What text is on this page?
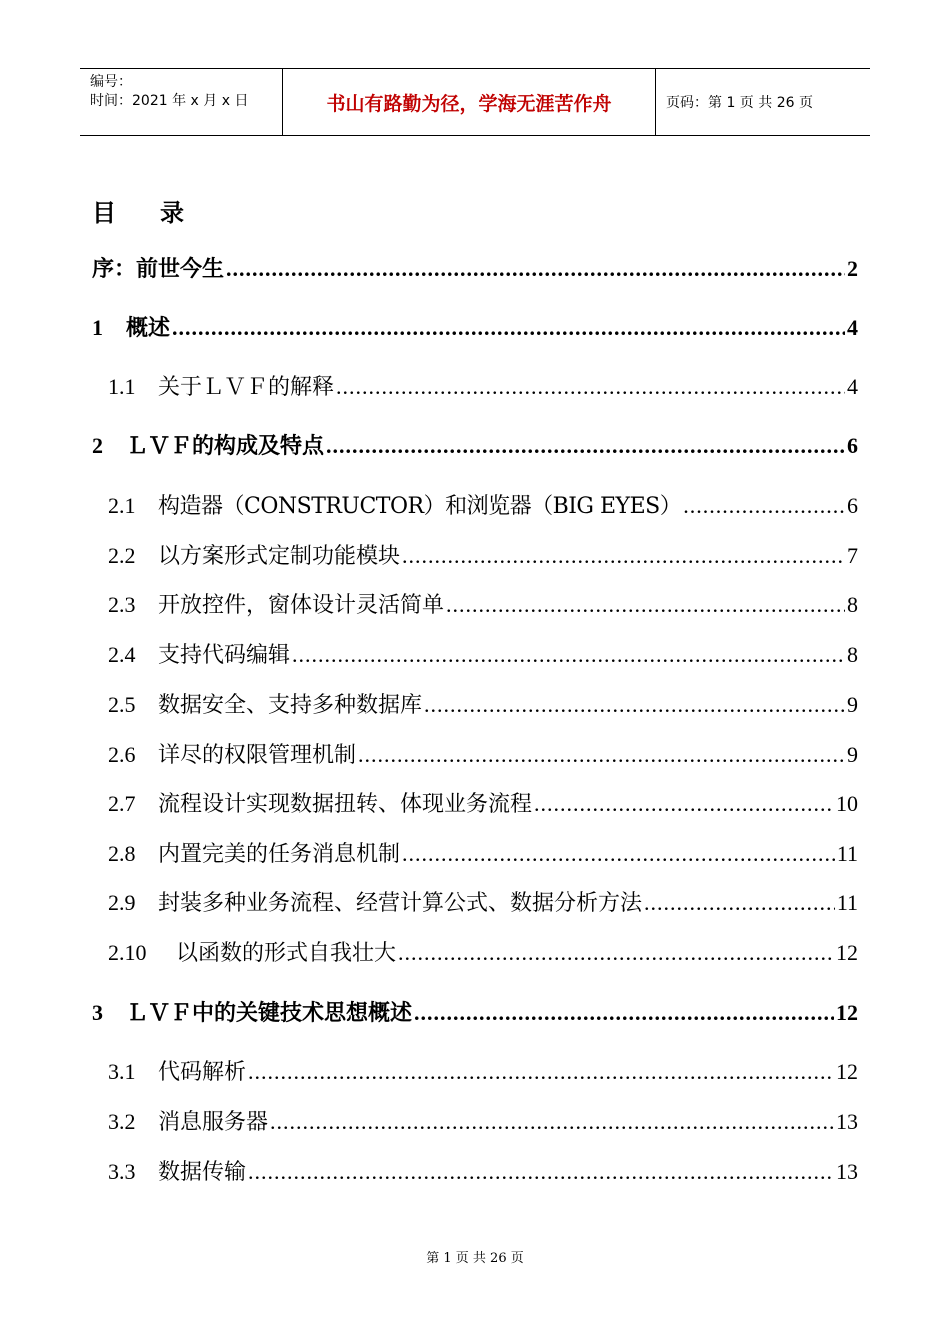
编号：
时间：2021 年 x 月 x 日	书山有路勤为径，学海无涯苦作舟	页码：第 1 页 共 26 页
目 录
序：前世今生 .....	2
1	概述 .....	4
1.1	关于ＬＶＦ的解释 .....	4
2	ＬＶＦ的构成及特点 .....	6
2.1	构造器（CONSTRUCTOR）和浏览器（BIG EYES） .....	6
2.2	以方案形式定制功能模块 .....	7
2.3	开放控件，窗体设计灵活简单 .....	8
2.4	支持代码编辑 .....	8
2.5	数据安全、支持多种数据库 .....	9
2.6	详尽的权限管理机制 .....	9
2.7	流程设计实现数据扭转、体现业务流程 .....	10
2.8	内置完美的任务消息机制 .....	11
2.9	封装多种业务流程、经营计算公式、数据分析方法 .....	11
2.10	以函数的形式自我壮大 .....	12
3	ＬＶＦ中的关键技术思想概述 .....	12
3.1	代码解析 .....	12
3.2	消息服务器 .....	13
3.3	数据传输 .....	13
第 1 页 共 26 页
